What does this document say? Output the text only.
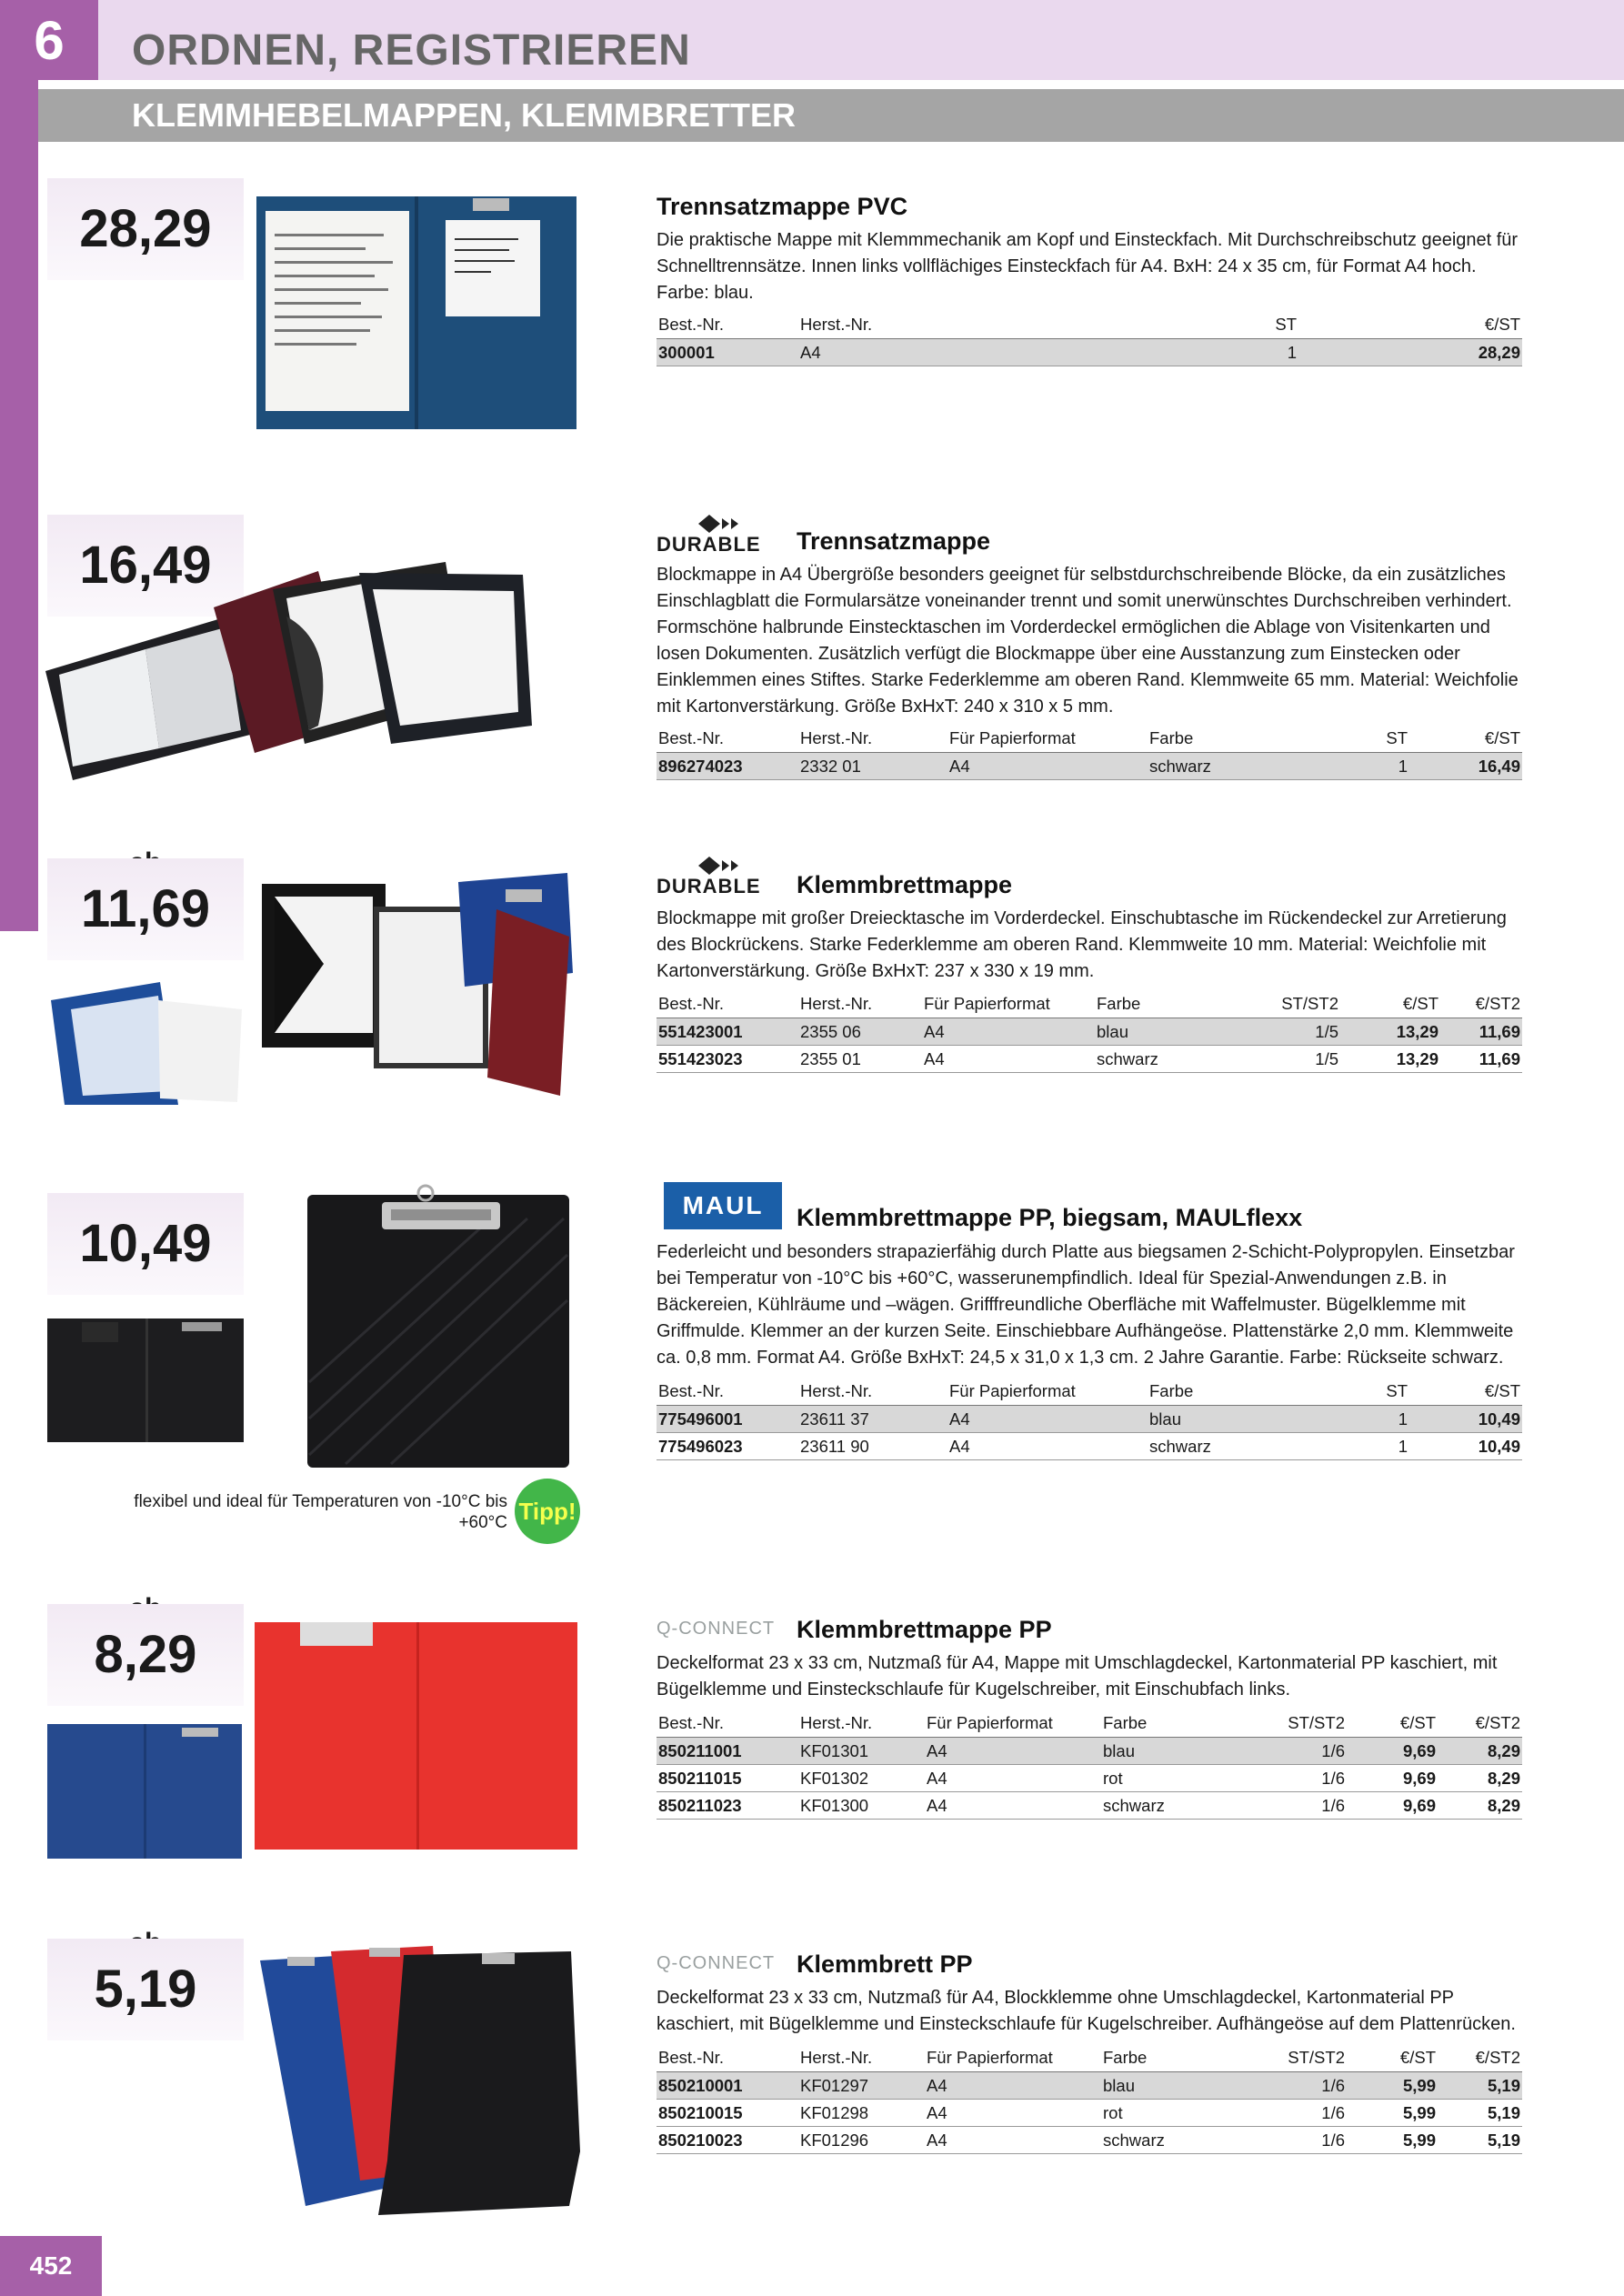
6	ORDNEN, REGISTRIEREN
KLEMMHEBELMAPPEN, KLEMMBRETTER
28,29	Trennsatzmappe PVC
Die praktische Mappe mit Klemmmechanik am Kopf und Einsteckfach. Mit Durchschreibschutz geeignet für Schnelltrennsätze. Innen links vollflächiges Einsteckfach für A4. BxH: 24 x 35 cm, für Format A4 hoch. Farbe: blau.
Best.-Nr.	Herst.-Nr.	ST	€/ST
300001	A4	1	28,29
16,49	DURABLE Trennsatzmappe
Blockmappe in A4 Übergröße besonders geeignet für selbstdurchschreibende Blöcke, da ein zusätzliches Einschlagblatt die Formularsätze voneinander trennt und somit unerwünschtes Durchschreiben verhindert. Formschöne halbrunde Einstecktaschen im Vorderdeckel ermöglichen die Ablage von Visitenkarten und losen Dokumenten. Zusätzlich verfügt die Blockmappe über eine Ausstanzung zum Einstecken oder Einklemmen eines Stiftes. Starke Federklemme am oberen Rand. Klemmweite 65 mm. Material: Weichfolie mit Kartonverstärkung. Größe BxHxT: 240 x 310 x 5 mm.
Best.-Nr.	Herst.-Nr.	Für Papierformat	Farbe	ST	€/ST
896274023	2332 01	A4	schwarz	1	16,49
11,69	DURABLE Klemmbrettmappe
Blockmappe mit großer Dreiecktasche im Vorderdeckel. Einschubtasche im Rückendeckel zur Arretierung des Blockrückens. Starke Federklemme am oberen Rand. Klemmweite 10 mm. Material: Weichfolie mit Kartonverstärkung. Größe BxHxT: 237 x 330 x 19 mm.
Best.-Nr.	Herst.-Nr.	Für Papierformat	Farbe	ST/ST2	€/ST	€/ST2
551423001	2355 06	A4	blau	1/5	13,29	11,69
551423023	2355 01	A4	schwarz	1/5	13,29	11,69
10,49
MAUL Klemmbrettmappe PP, biegsam, MAULflexx
Federleicht und besonders strapazierfähig durch Platte aus biegsamen 2-Schicht-Polypropylen. Einsetzbar bei Temperatur von -10°C bis +60°C, wasserunempfindlich. Ideal für Spezial-Anwendungen z.B. in Bäckereien, Kühlräume und –wägen. Grifffreundliche Oberfläche mit Waffelmuster. Bügelklemme mit Griffmulde. Klemmer an der kurzen Seite. Einschiebbare Aufhängeöse. Plattenstärke 2,0 mm. Klemmweite ca. 0,8 mm. Format A4. Größe BxHxT: 24,5 x 31,0 x 1,3 cm. 2 Jahre Garantie. Farbe: Rückseite schwarz.
Best.-Nr.	Herst.-Nr.	Für Papierformat	Farbe	ST	€/ST
775496001	23611 37	A4	blau	1	10,49
775496023	23611 90	A4	schwarz	1	10,49
flexibel und ideal für Temperaturen von -10°C bis +60°C Tipp!
8,29	Q-CONNECT Klemmbrettmappe PP
Deckelformat 23 x 33 cm, Nutzmaß für A4, Mappe mit Umschlagdeckel, Kartonmaterial PP kaschiert, mit Bügelklemme und Einsteckschlaufe für Kugelschreiber, mit Einschubfach links.
Best.-Nr.	Herst.-Nr.	Für Papierformat	Farbe	ST/ST2	€/ST	€/ST2
850211001	KF01301	A4	blau	1/6	9,69	8,29
850211015	KF01302	A4	rot	1/6	9,69	8,29
850211023	KF01300	A4	schwarz	1/6	9,69	8,29
5,19	Q-CONNECT Klemmbrett PP
Deckelformat 23 x 33 cm, Nutzmaß für A4, Blockklemme ohne Umschlagdeckel, Kartonmaterial PP kaschiert, mit Bügelklemme und Einsteckschlaufe für Kugelschreiber. Aufhängeöse auf dem Plattenrücken.
Best.-Nr.	Herst.-Nr.	Für Papierformat	Farbe	ST/ST2	€/ST	€/ST2
850210001	KF01297	A4	blau	1/6	5,99	5,19
850210015	KF01298	A4	rot	1/6	5,99	5,19
850210023	KF01296	A4	schwarz	1/6	5,99	5,19
452
